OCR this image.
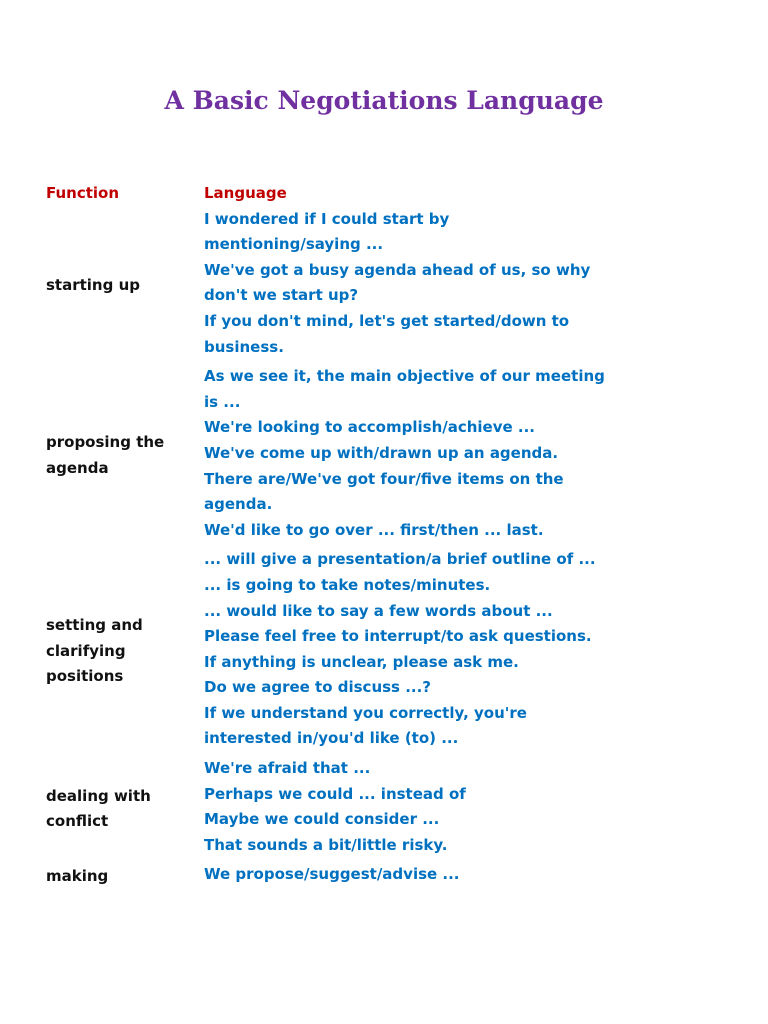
A Basic Negotiations Language
Function	Language
starting up
I wondered if I could start by mentioning/saying ...
We've got a busy agenda ahead of us, so why don't we start up?
If you don't mind, let's get started/down to business.
proposing the agenda
As we see it, the main objective of our meeting is ...
We're looking to accomplish/achieve ...
We've come up with/drawn up an agenda.
There are/We've got four/five items on the agenda.
We'd like to go over ... first/then ... last.
setting and clarifying positions
... will give a presentation/a brief outline of ...
... is going to take notes/minutes.
... would like to say a few words about ...
Please feel free to interrupt/to ask questions.
If anything is unclear, please ask me.
Do we agree to discuss ...?
If we understand you correctly, you're interested in/you'd like (to) ...
dealing with conflict
We're afraid that ...
Perhaps we could ... instead of
Maybe we could consider ...
That sounds a bit/little risky.
making	We propose/suggest/advise ...
